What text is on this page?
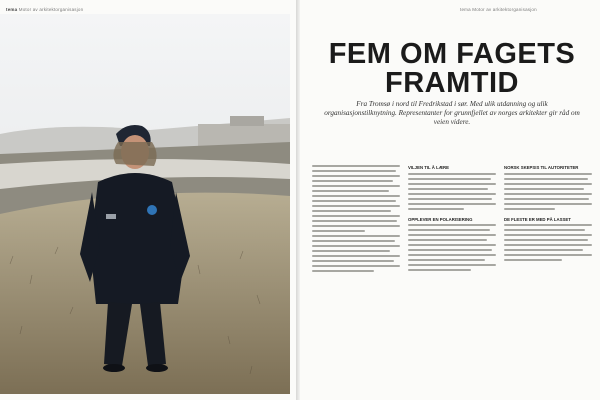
tema Motor av arkitektorganisasjon	tema Motor av arkitektorganisasjon
FEM OM FAGETS
FRAMTID
Fra Tromsø i nord til Fredrikstad i sør. Med ulik utdanning og ulik organisasjonstilknytning. Representanter for grunnfjellet av norges arkitekter gir råd om veien videre.
VILJEN TIL Å LÆRE
OPPLEVER EN POLARISERING
NORSK SKEPSIS TIL AUTORITETER
DE FLESTE ER MED PÅ LASSET
